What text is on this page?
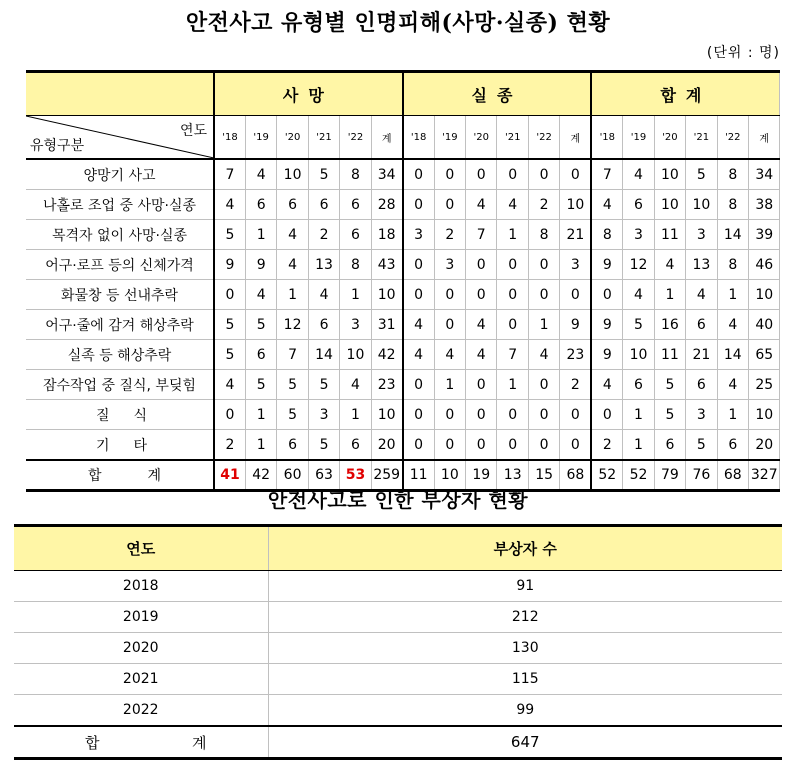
안전사고 유형별 인명피해(사망·실종) 현황
(단위 : 명)
	사망						실종						합계					

연도
유형구분	'18	'19	'20	'21	'22	계	'18	'19	'20	'21	'22	계	'18	'19	'20	'21	'22	계
양망기 사고	7	4	10	5	8	34	0	0	0	0	0	0	7	4	10	5	8	34
나홀로 조업 중 사망·실종	4	6	6	6	6	28	0	0	4	4	2	10	4	6	10	10	8	38
목격자 없이 사망·실종	5	1	4	2	6	18	3	2	7	1	8	21	8	3	11	3	14	39
어구·로프 등의 신체가격	9	9	4	13	8	43	0	3	0	0	0	3	9	12	4	13	8	46
화물창 등 선내추락	0	4	1	4	1	10	0	0	0	0	0	0	0	4	1	4	1	10
어구·줄에 감겨 해상추락	5	5	12	6	3	31	4	0	4	0	1	9	9	5	16	6	4	40
실족 등 해상추락	5	6	7	14	10	42	4	4	4	7	4	23	9	10	11	21	14	65
잠수작업 중 질식, 부딪힘	4	5	5	5	4	23	0	1	0	1	0	2	4	6	5	6	4	25

질 식	0	1	5	3	1	10	0	0	0	0	0	0	0	1	5	3	1	10

기 타	2	1	6	5	6	20	0	0	0	0	0	0	2	1	6	5	6	20

합 계	41	42	60	63	53	259	11	10	19	13	15	68	52	52	79	76	68	327
안전사고로 인한 부상자 현황
연도	부상자 수
2018	91
2019	212
2020	130
2021	115
2022	99

합 계	647
